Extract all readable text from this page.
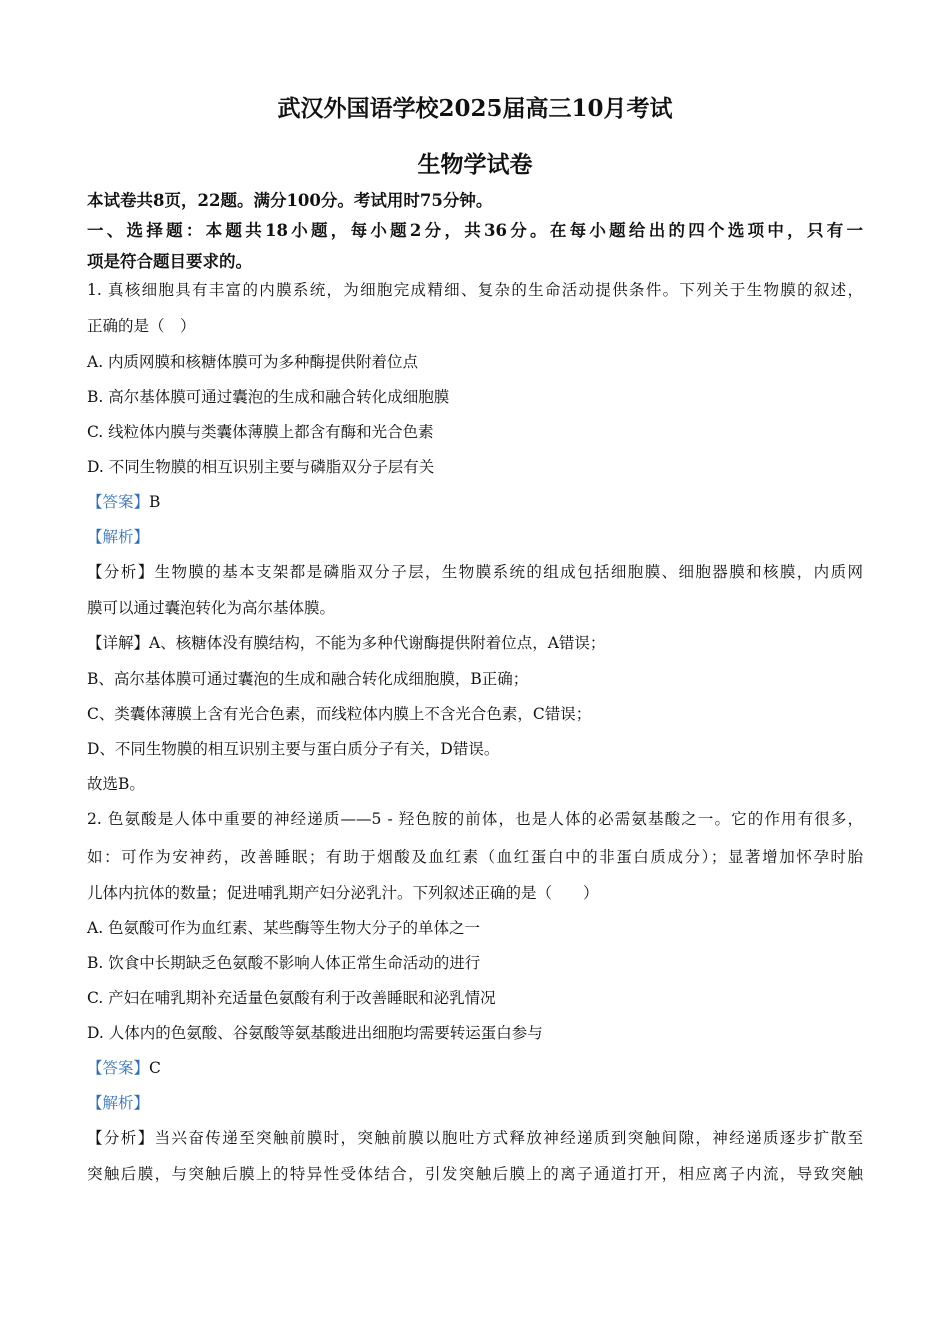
武汉外国语学校2025届高三10月考试
生物学试卷
本试卷共8页，22题。满分100分。考试用时75分钟。
一、选择题：本题共18小题，每小题2分，共36分。在每小题给出的四个选项中，只有一
项是符合题目要求的。
1. 真核细胞具有丰富的内膜系统，为细胞完成精细、复杂的生命活动提供条件。下列关于生物膜的叙述，
正确的是（　）
A. 内质网膜和核糖体膜可为多种酶提供附着位点
B. 高尔基体膜可通过囊泡的生成和融合转化成细胞膜
C. 线粒体内膜与类囊体薄膜上都含有酶和光合色素
D. 不同生物膜的相互识别主要与磷脂双分子层有关
【答案】B
【解析】
【分析】生物膜的基本支架都是磷脂双分子层，生物膜系统的组成包括细胞膜、细胞器膜和核膜，内质网
膜可以通过囊泡转化为高尔基体膜。
【详解】A、核糖体没有膜结构，不能为多种代谢酶提供附着位点，A错误；
B、高尔基体膜可通过囊泡的生成和融合转化成细胞膜，B正确；
C、类囊体薄膜上含有光合色素，而线粒体内膜上不含光合色素，C错误；
D、不同生物膜的相互识别主要与蛋白质分子有关，D错误。
故选B。
2. 色氨酸是人体中重要的神经递质——5 - 羟色胺的前体，也是人体的必需氨基酸之一。它的作用有很多，
如：可作为安神药，改善睡眠；有助于烟酸及血红素（血红蛋白中的非蛋白质成分）；显著增加怀孕时胎
儿体内抗体的数量；促进哺乳期产妇分泌乳汁。下列叙述正确的是（　　）
A. 色氨酸可作为血红素、某些酶等生物大分子的单体之一
B. 饮食中长期缺乏色氨酸不影响人体正常生命活动的进行
C. 产妇在哺乳期补充适量色氨酸有利于改善睡眠和泌乳情况
D. 人体内的色氨酸、谷氨酸等氨基酸进出细胞均需要转运蛋白参与
【答案】C
【解析】
【分析】当兴奋传递至突触前膜时，突触前膜以胞吐方式释放神经递质到突触间隙，神经递质逐步扩散至
突触后膜，与突触后膜上的特异性受体结合，引发突触后膜上的离子通道打开，相应离子内流，导致突触
